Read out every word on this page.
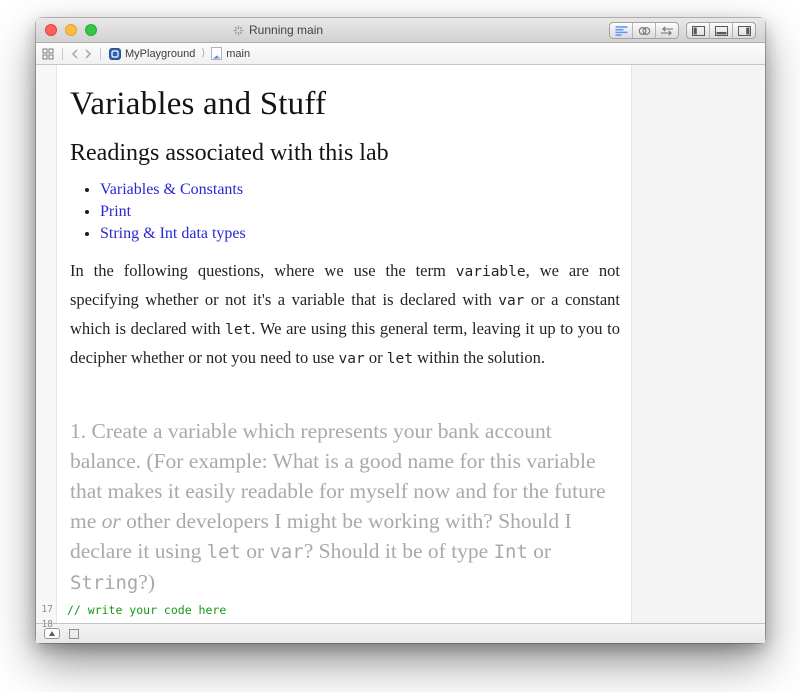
Running main
MyPlayground ⟩ main
Variables and Stuff
Readings associated with this lab
• Variables & Constants
• Print
• String & Int data types

In the following questions, where we use the term variable, we are not specifying whether or not it's a variable that is declared with var or a constant which is declared with let. We are using this general term, leaving it up to you to decipher whether or not you need to use var or let within the solution.

1. Create a variable which represents your bank account balance. (For example: What is a good name for this variable that makes it easily readable for myself now and for the future me or other developers I might be working with? Should I declare it using let or var? Should it be of type Int or String?)
17	// write your code here
18
